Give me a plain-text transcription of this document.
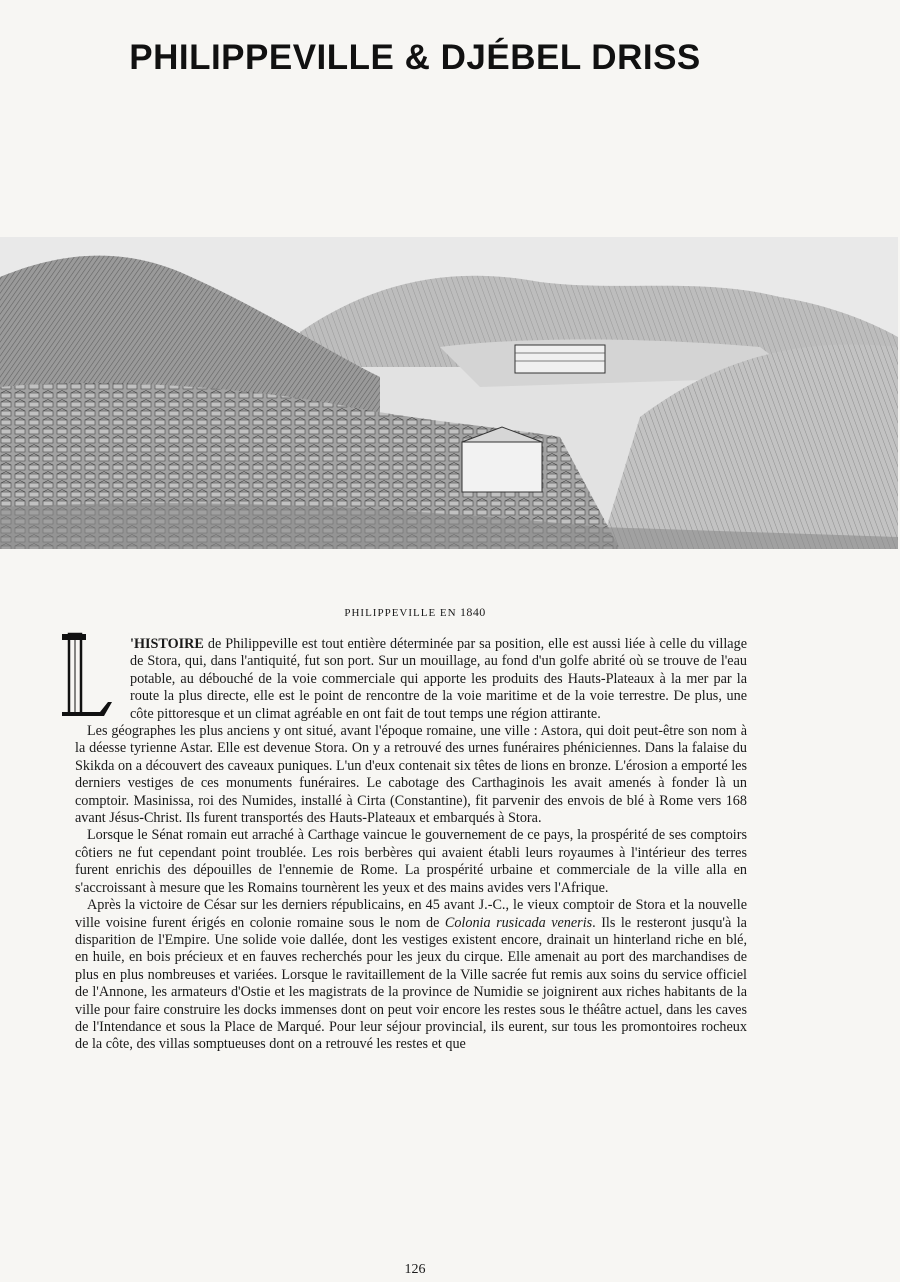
PHILIPPEVILLE & DJÉBEL DRISS
PHILIPPEVILLE EN 1840

'HISTOIRE de Philippeville est tout entière déterminée par sa position, elle est aussi liée à celle du village de Stora, qui, dans l'antiquité, fut son port. Sur un mouillage, au fond d'un golfe abrité où se trouve de l'eau potable, au débouché de la voie commerciale qui apporte les produits des Hauts-Plateaux à la mer par la route la plus directe, elle est le point de rencontre de la voie maritime et de la voie terrestre. De plus, une côte pittoresque et un climat agréable en ont fait de tout temps une région attirante.

Les géographes les plus anciens y ont situé, avant l'époque romaine, une ville : Astora, qui doit peut-être son nom à la déesse tyrienne Astar. Elle est devenue Stora. On y a retrouvé des urnes funéraires phéniciennes. Dans la falaise du Skikda on a découvert des caveaux puniques. L'un d'eux contenait six têtes de lions en bronze. L'érosion a emporté les derniers vestiges de ces monuments funéraires. Le cabotage des Carthaginois les avait amenés à fonder là un comptoir. Masinissa, roi des Numides, installé à Cirta (Constantine), fit parvenir des envois de blé à Rome vers 168 avant Jésus-Christ. Ils furent transportés des Hauts-Plateaux et embarqués à Stora.

Lorsque le Sénat romain eut arraché à Carthage vaincue le gouvernement de ce pays, la prospérité de ses comptoirs côtiers ne fut cependant point troublée. Les rois berbères qui avaient établi leurs royaumes à l'intérieur des terres furent enrichis des dépouilles de l'ennemie de Rome. La prospérité urbaine et commerciale de la ville alla en s'accroissant à mesure que les Romains tournèrent les yeux et des mains avides vers l'Afrique.

Après la victoire de César sur les derniers républicains, en 45 avant J.-C., le vieux comptoir de Stora et la nouvelle ville voisine furent érigés en colonie romaine sous le nom de Colonia rusicada veneris. Ils le resteront jusqu'à la disparition de l'Empire. Une solide voie dallée, dont les vestiges existent encore, drainait un hinterland riche en blé, en huile, en bois précieux et en fauves recherchés pour les jeux du cirque. Elle amenait au port des marchandises de plus en plus nombreuses et variées. Lorsque le ravitaillement de la Ville sacrée fut remis aux soins du service officiel de l'Annone, les armateurs d'Ostie et les magistrats de la province de Numidie se joignirent aux riches habitants de la ville pour faire construire les docks immenses dont on peut voir encore les restes sous le théâtre actuel, dans les caves de l'Intendance et sous la Place de Marqué. Pour leur séjour provincial, ils eurent, sur tous les promontoires rocheux de la côte, des villas somptueuses dont on a retrouvé les restes et que

126
